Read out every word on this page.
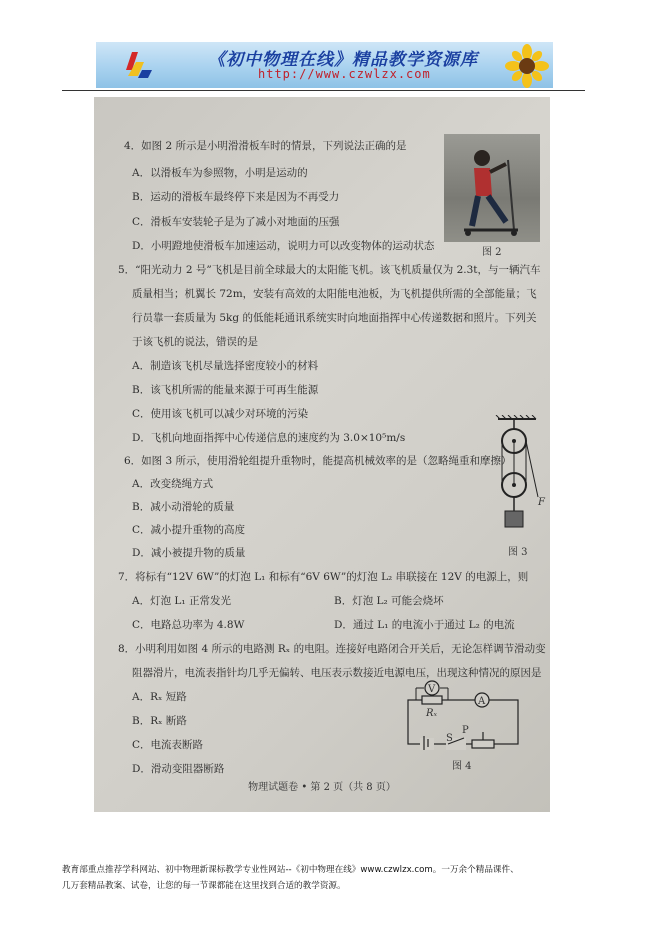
《初中物理在线》精品教学资源库
http://www.czwlzx.com
4．如图 2 所示是小明滑滑板车时的情景，下列说法正确的是
A．以滑板车为参照物，小明是运动的
B．运动的滑板车最终停下来是因为不再受力
C．滑板车安装轮子是为了减小对地面的压强
D．小明蹬地使滑板车加速运动，说明力可以改变物体的运动状态
图 2
5．“阳光动力 2 号”飞机是目前全球最大的太阳能飞机。该飞机质量仅为 2.3t，与一辆汽车
质量相当；机翼长 72m，安装有高效的太阳能电池板，为飞机提供所需的全部能量；飞
行员靠一套质量为 5kg 的低能耗通讯系统实时向地面指挥中心传递数据和照片。下列关
于该飞机的说法，错误的是
A．制造该飞机尽量选择密度较小的材料
B．该飞机所需的能量来源于可再生能源
C．使用该飞机可以减少对环境的污染
D．飞机向地面指挥中心传递信息的速度约为 3.0×10⁵m/s
6．如图 3 所示，使用滑轮组提升重物时，能提高机械效率的是（忽略绳重和摩擦）
A．改变绕绳方式
B．减小动滑轮的质量
C．减小提升重物的高度
D．减小被提升物的质量
F
图 3
7．将标有“12V 6W”的灯泡 L₁ 和标有“6V 6W”的灯泡 L₂ 串联接在 12V 的电源上，则
A．灯泡 L₁ 正常发光	B．灯泡 L₂ 可能会烧坏
C．电路总功率为 4.8W	D．通过 L₁ 的电流小于通过 L₂ 的电流
8．小明利用如图 4 所示的电路测 Rₓ 的电阻。连接好电路闭合开关后，无论怎样调节滑动变
阻器滑片，电流表指针均几乎无偏转、电压表示数接近电源电压，出现这种情况的原因是
A．Rₓ 短路
B．Rₓ 断路
C．电流表断路
D．滑动变阻器断路
V
A
Rₓ
S
P
图 4
物理试题卷 • 第 2 页（共 8 页）
教育部重点推荐学科网站、初中物理新课标教学专业性网站--《初中物理在线》www.czwlzx.com。一万余个精品课件、
几万套精品教案、试卷，让您的每一节课都能在这里找到合适的教学资源。
